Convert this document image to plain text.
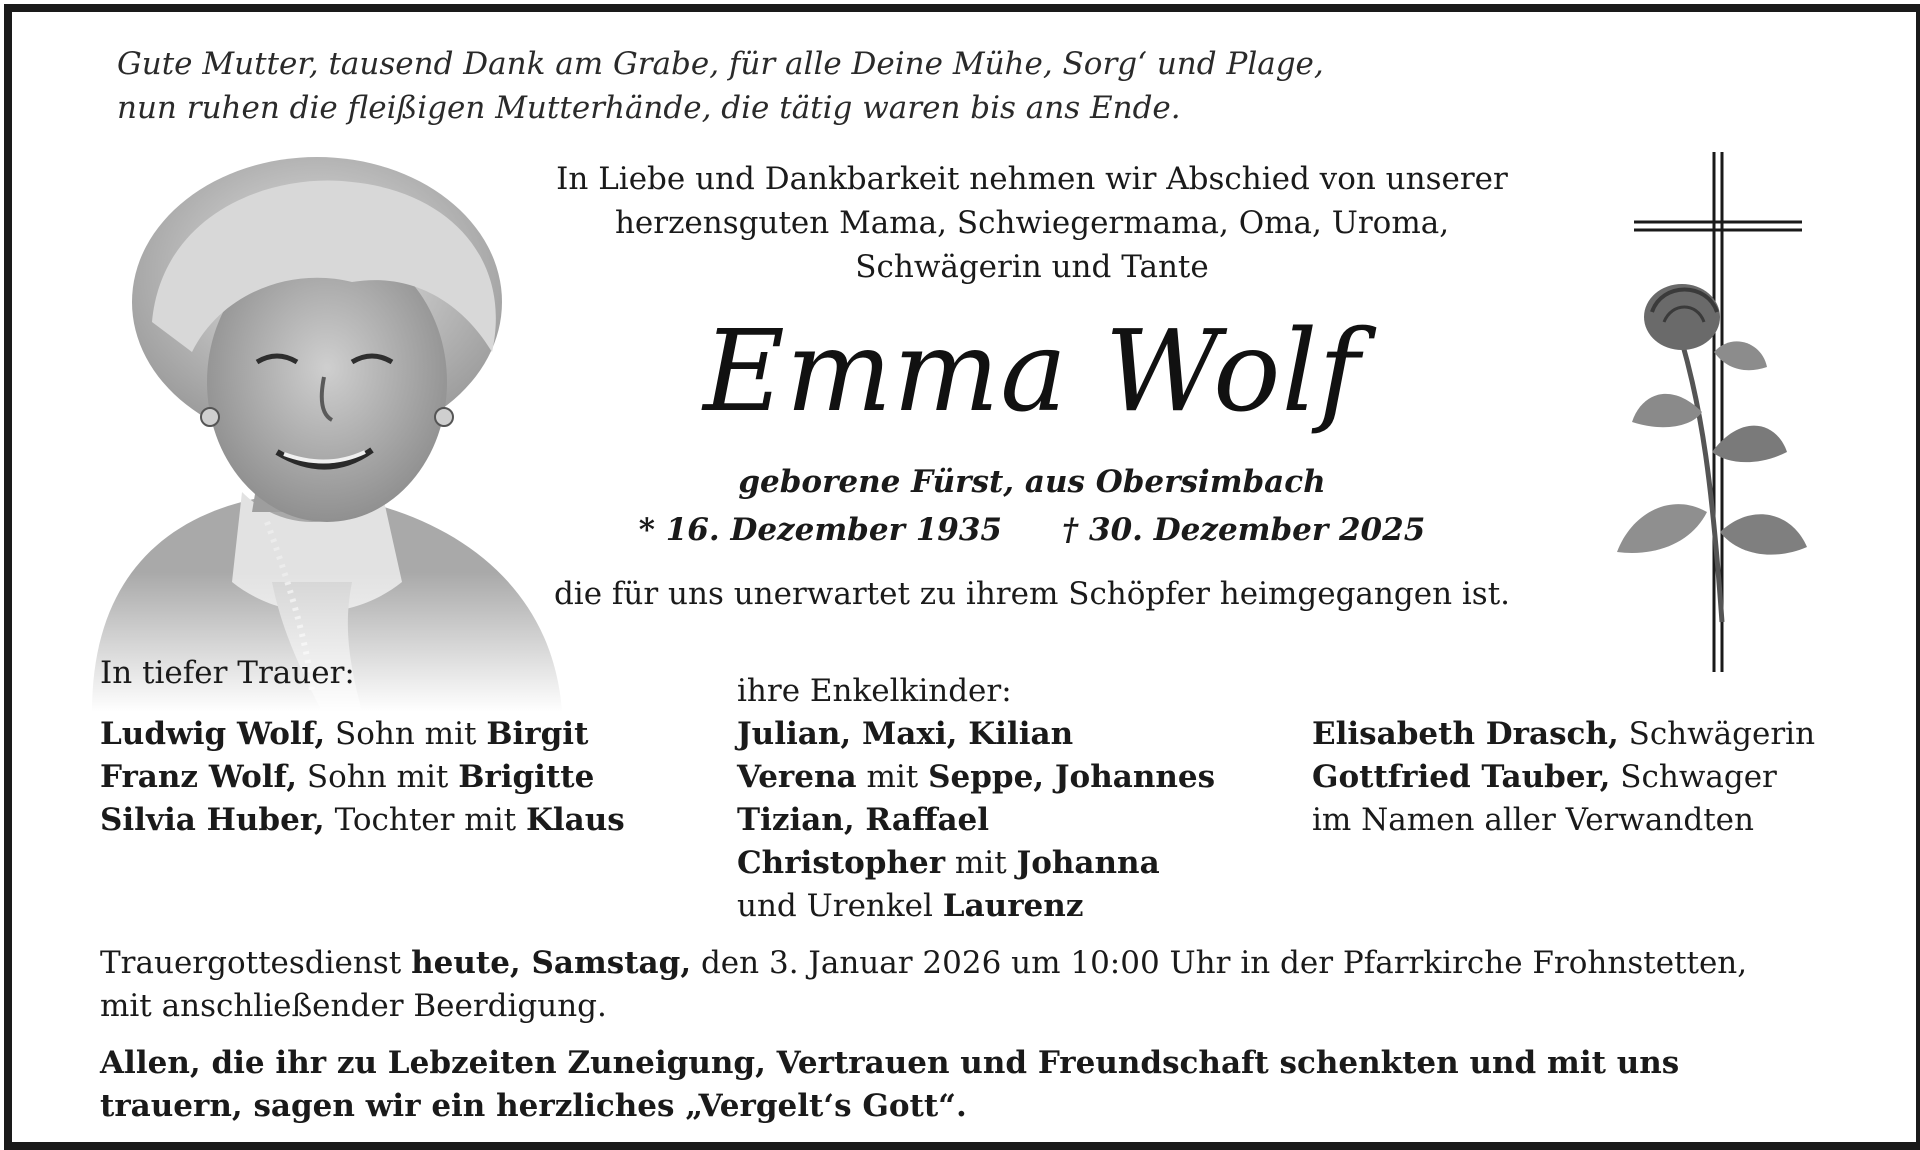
Gute Mutter, tausend Dank am Grabe, für alle Deine Mühe, Sorg‘ und Plage,
nun ruhen die fleißigen Mutterhände, die tätig waren bis ans Ende.
In Liebe und Dankbarkeit nehmen wir Abschied von unserer
herzensguten Mama, Schwiegermama, Oma, Uroma,
Schwägerin und Tante
Emma Wolf
geborene Fürst, aus Obersimbach
* 16. Dezember 1935 † 30. Dezember 2025
die für uns unerwartet zu ihrem Schöpfer heimgegangen ist.
In tiefer Trauer:
Ludwig Wolf, Sohn mit Birgit
Franz Wolf, Sohn mit Brigitte
Silvia Huber, Tochter mit Klaus
ihre Enkelkinder:
Julian, Maxi, Kilian
Verena mit Seppe, Johannes
Tizian, Raffael
Christopher mit Johanna
und Urenkel Laurenz
Elisabeth Drasch, Schwägerin
Gottfried Tauber, Schwager
im Namen aller Verwandten
Trauergottesdienst heute, Samstag, den 3. Januar 2026 um 10:00 Uhr in der Pfarrkirche Frohnstetten,
mit anschließender Beerdigung.
Allen, die ihr zu Lebzeiten Zuneigung, Vertrauen und Freundschaft schenkten und mit uns
trauern, sagen wir ein herzliches „Vergelt‘s Gott“.
